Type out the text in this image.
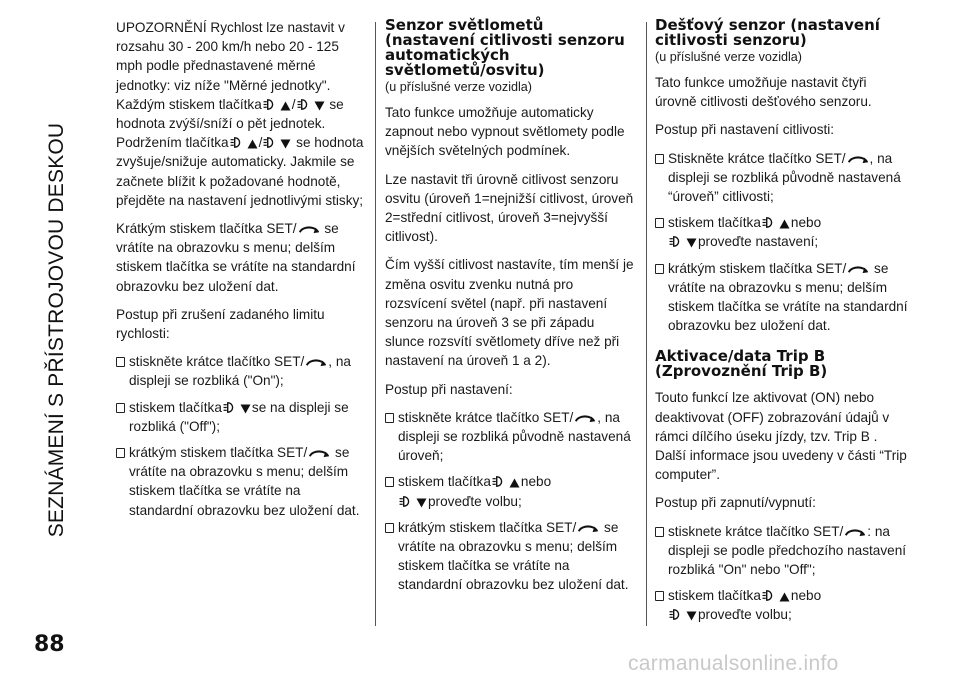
SEZNÁMENÍ S PŘÍSTROJOVOU DESKOU
88

UPOZORNĚNÍ Rychlost lze nastavit v rozsahu 30 - 200 km/h nebo 20 - 125 mph podle přednastavené měrné jednotky: viz níže "Měrné jednotky". Každým stiskem tlačítka / se hodnota zvýší/sníží o pět jednotek. Podržením tlačítka / se hodnota zvyšuje/snižuje automaticky. Jakmile se začnete blížit k požadované hodnotě, přejděte na nastavení jednotlivými stisky;

Krátkým stiskem tlačítka SET/ se vrátíte na obrazovku s menu; delším stiskem tlačítka se vrátíte na standardní obrazovku bez uložení dat.

Postup při zrušení zadaného limitu rychlosti:

stiskněte krátce tlačítko SET/ , na displeji se rozbliká ("On");
stiskem tlačítka se na displeji se rozbliká ("Off");
krátkým stiskem tlačítka SET/ se vrátíte na obrazovku s menu; delším stiskem tlačítka se vrátíte na standardní obrazovku bez uložení dat.
Senzor světlometů (nastavení citlivosti senzoru automatických světlometů/osvitu)
(u příslušné verze vozidla)

Tato funkce umožňuje automaticky zapnout nebo vypnout světlomety podle vnějších světelných podmínek.

Lze nastavit tři úrovně citlivost senzoru osvitu (úroveň 1=nejnižší citlivost, úroveň 2=střední citlivost, úroveň 3=nejvyšší citlivost).

Čím vyšší citlivost nastavíte, tím menší je změna osvitu zvenku nutná pro rozsvícení světel (např. při nastavení senzoru na úroveň 3 se při západu slunce rozsvítí světlomety dříve než při nastavení na úroveň 1 a 2).

Postup při nastavení:

stiskněte krátce tlačítko SET/ , na displeji se rozbliká původně nastavená úroveň;
stiskem tlačítka nebo
proveďte volbu;
krátkým stiskem tlačítka SET/ se vrátíte na obrazovku s menu; delším stiskem tlačítka se vrátíte na standardní obrazovku bez uložení dat.
Dešťový senzor (nastavení citlivosti senzoru)
(u příslušné verze vozidla)

Tato funkce umožňuje nastavit čtyři úrovně citlivosti dešťového senzoru.

Postup při nastavení citlivosti:

Stiskněte krátce tlačítko SET/ , na displeji se rozbliká původně nastavená “úroveň” citlivosti;
stiskem tlačítka nebo
proveďte nastavení;
krátkým stiskem tlačítka SET/ se vrátíte na obrazovku s menu; delším stiskem tlačítka se vrátíte na standardní obrazovku bez uložení dat.
Aktivace/data Trip B (Zprovoznění Trip B)

Touto funkcí lze aktivovat (ON) nebo deaktivovat (OFF) zobrazování údajů v rámci dílčího úseku jízdy, tzv. Trip B . Další informace jsou uvedeny v části “Trip computer”.

Postup při zapnutí/vypnutí:

stisknete krátce tlačítko SET/ : na displeji se podle předchozího nastavení rozbliká "On" nebo "Off";
stiskem tlačítka nebo
proveďte volbu;
carmanualsonline.info
